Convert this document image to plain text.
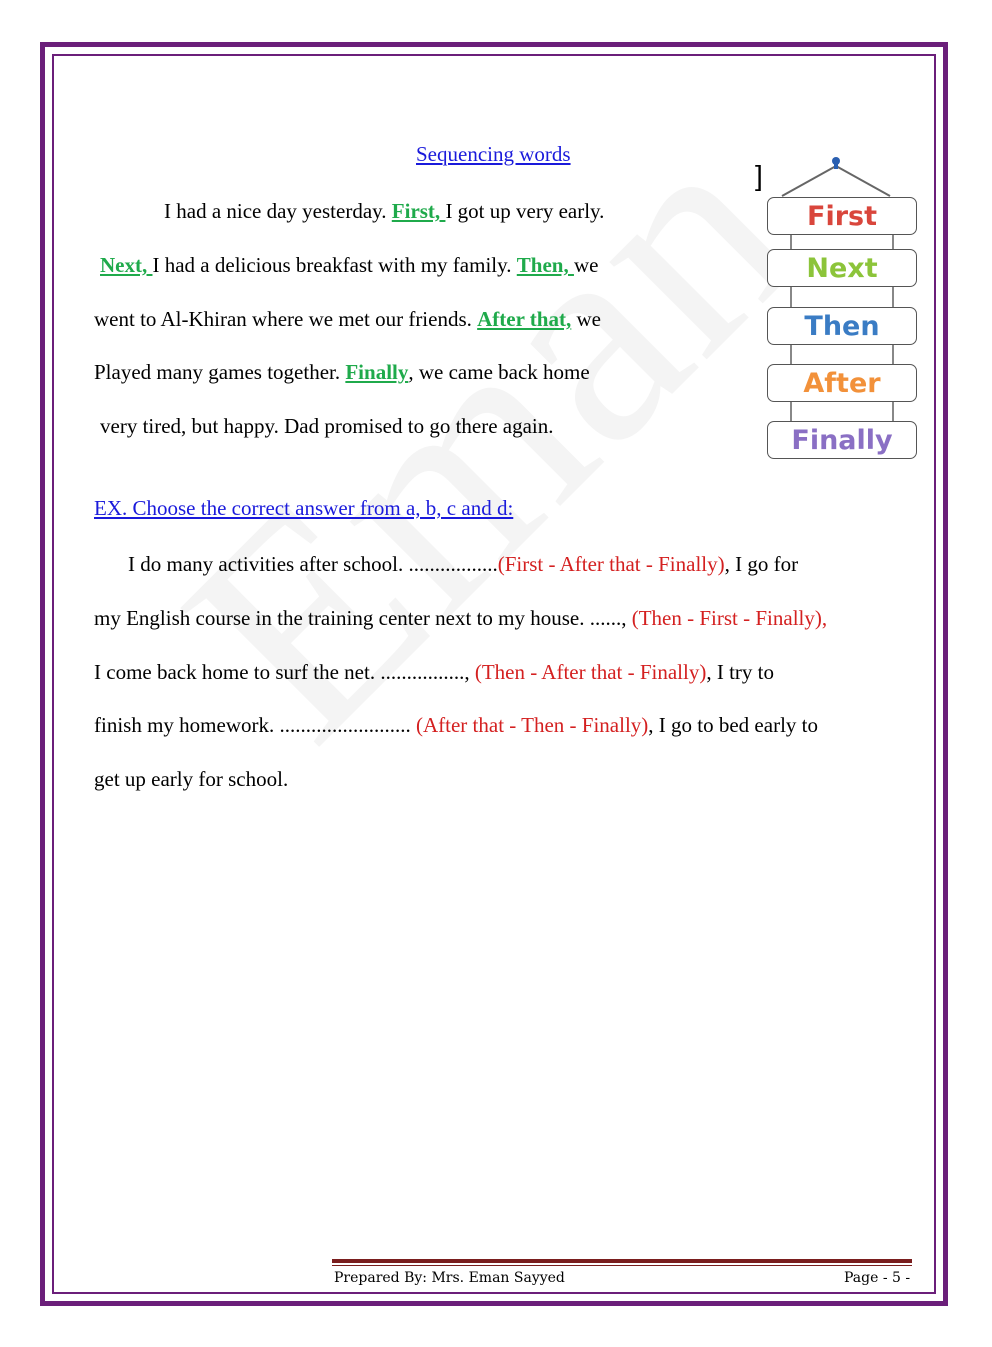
Sequencing words
I had a nice day yesterday. First, I got up very early.
Next, I had a delicious breakfast with my family. Then, we
went to Al-Khiran where we met our friends. After that, we
Played many games together. Finally, we came back home
very tired, but happy. Dad promised to go there again.
]
First
Next
Then
After
Finally
EX. Choose the correct answer from a, b, c and d:
I do many activities after school. .................(First - After that - Finally), I go for
my English course in the training center next to my house. ......, (Then - First - Finally),
I come back home to surf the net. ................, (Then - After that - Finally), I try to
finish my homework. ......................... (After that - Then - Finally), I go to bed early to
get up early for school.
Prepared By: Mrs. Eman Sayyed	Page - 5 -
